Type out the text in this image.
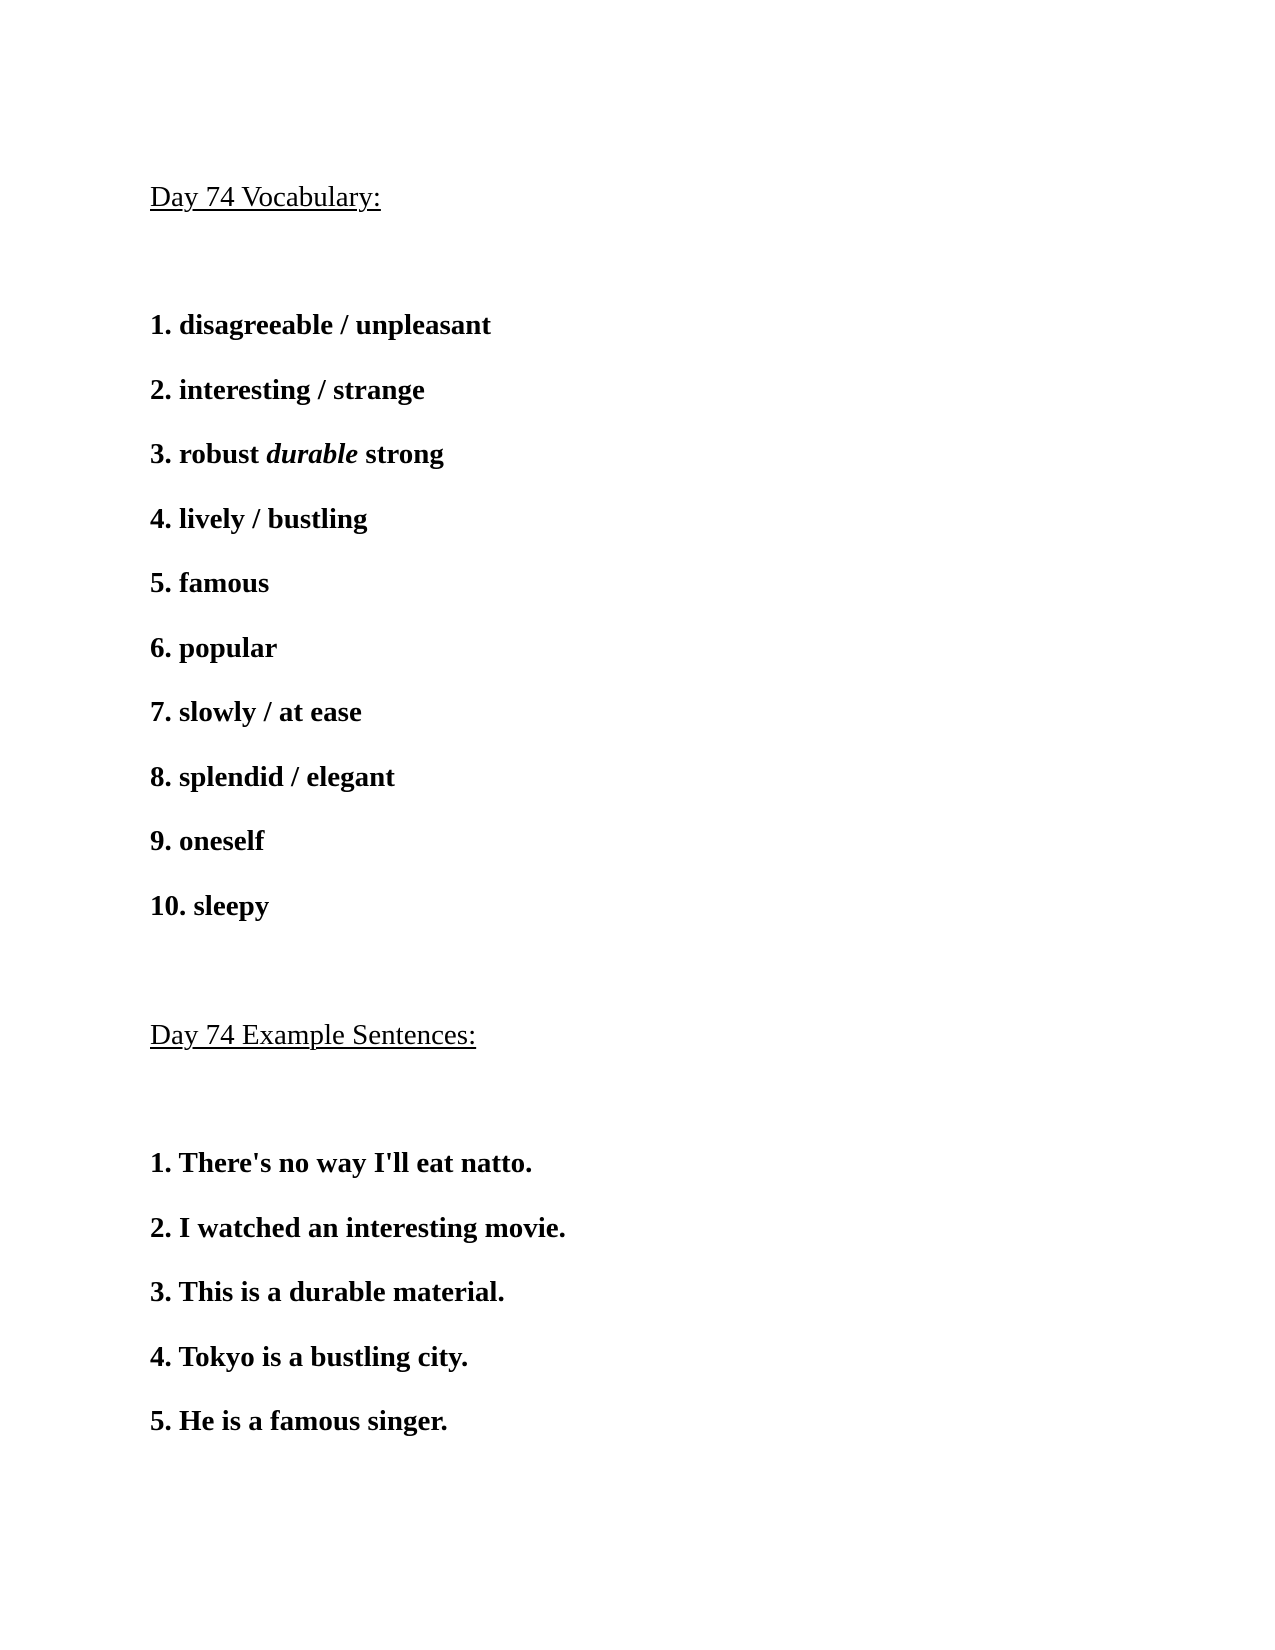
Day 74 Vocabulary:
1. disagreeable / unpleasant
2. interesting / strange
3. robust durable strong
4. lively / bustling
5. famous
6. popular
7. slowly / at ease
8. splendid / elegant
9. oneself
10. sleepy
Day 74 Example Sentences:
1. There's no way I'll eat natto.
2. I watched an interesting movie.
3. This is a durable material.
4. Tokyo is a bustling city.
5. He is a famous singer.
